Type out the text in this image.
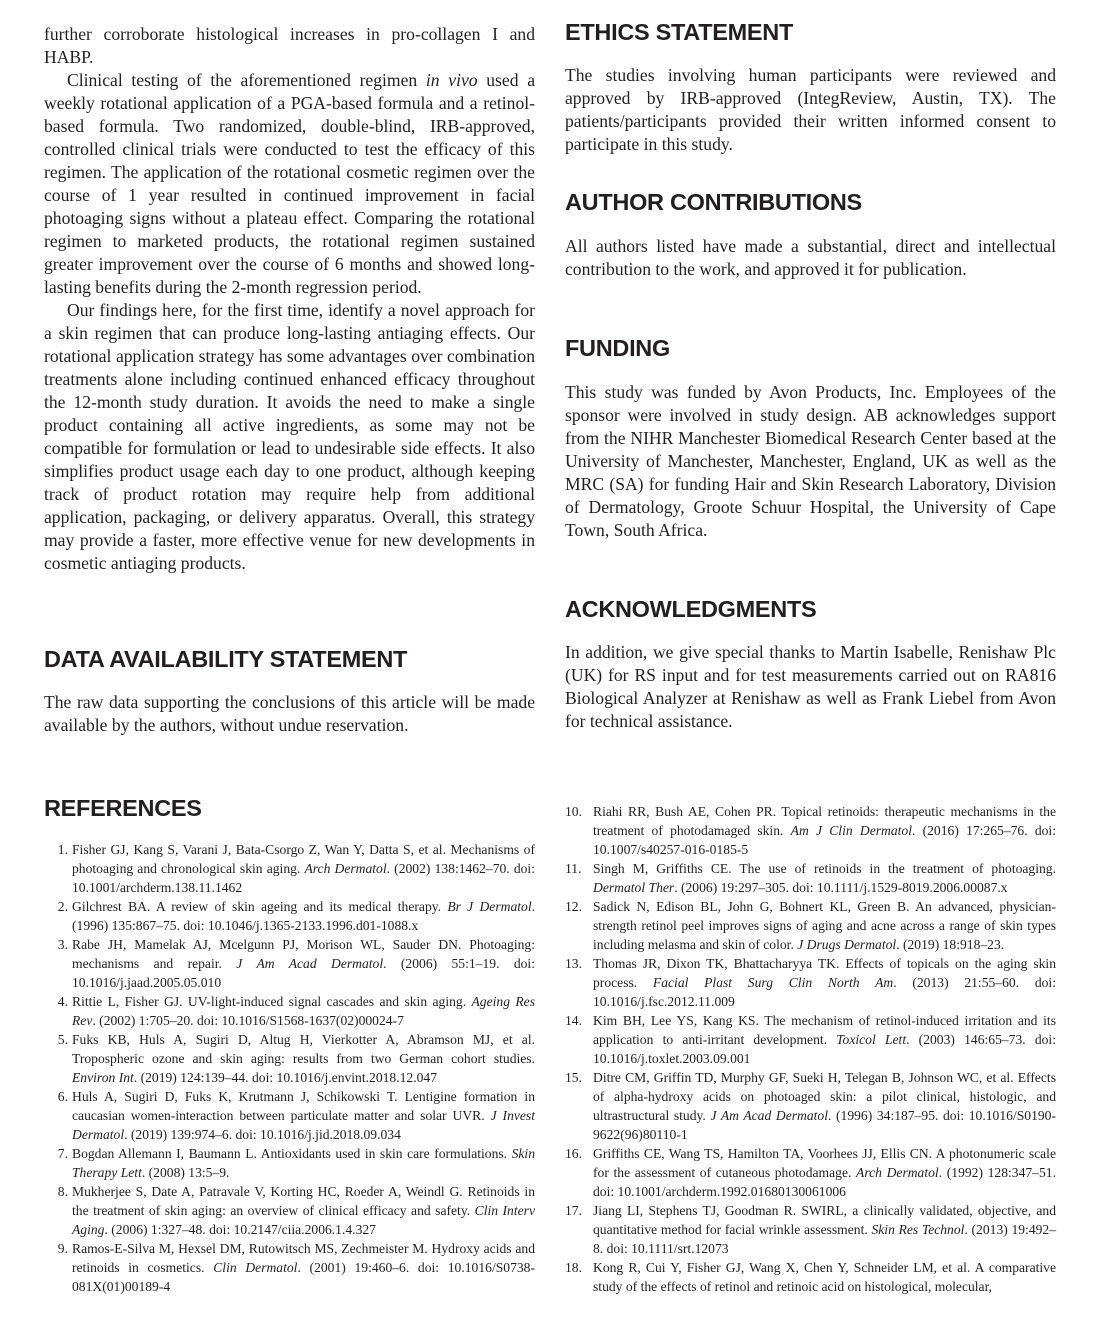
further corroborate histological increases in pro-collagen I and HABP.

Clinical testing of the aforementioned regimen in vivo used a weekly rotational application of a PGA-based formula and a retinol-based formula. Two randomized, double-blind, IRB-approved, controlled clinical trials were conducted to test the efficacy of this regimen. The application of the rotational cosmetic regimen over the course of 1 year resulted in continued improvement in facial photoaging signs without a plateau effect. Comparing the rotational regimen to marketed products, the rotational regimen sustained greater improvement over the course of 6 months and showed long-lasting benefits during the 2-month regression period.

Our findings here, for the first time, identify a novel approach for a skin regimen that can produce long-lasting antiaging effects. Our rotational application strategy has some advantages over combination treatments alone including continued enhanced efficacy throughout the 12-month study duration. It avoids the need to make a single product containing all active ingredients, as some may not be compatible for formulation or lead to undesirable side effects. It also simplifies product usage each day to one product, although keeping track of product rotation may require help from additional application, packaging, or delivery apparatus. Overall, this strategy may provide a faster, more effective venue for new developments in cosmetic antiaging products.

DATA AVAILABILITY STATEMENT

The raw data supporting the conclusions of this article will be made available by the authors, without undue reservation.

ETHICS STATEMENT

The studies involving human participants were reviewed and approved by IRB-approved (IntegReview, Austin, TX). The patients/participants provided their written informed consent to participate in this study.

AUTHOR CONTRIBUTIONS

All authors listed have made a substantial, direct and intellectual contribution to the work, and approved it for publication.

FUNDING

This study was funded by Avon Products, Inc. Employees of the sponsor were involved in study design. AB acknowledges support from the NIHR Manchester Biomedical Research Center based at the University of Manchester, Manchester, England, UK as well as the MRC (SA) for funding Hair and Skin Research Laboratory, Division of Dermatology, Groote Schuur Hospital, the University of Cape Town, South Africa.

ACKNOWLEDGMENTS

In addition, we give special thanks to Martin Isabelle, Renishaw Plc (UK) for RS input and for test measurements carried out on RA816 Biological Analyzer at Renishaw as well as Frank Liebel from Avon for technical assistance.

REFERENCES
1. Fisher GJ, Kang S, Varani J, Bata-Csorgo Z, Wan Y, Datta S, et al. Mechanisms of photoaging and chronological skin aging. Arch Dermatol. (2002) 138:1462–70. doi: 10.1001/archderm.138.11.1462
2. Gilchrest BA. A review of skin ageing and its medical therapy. Br J Dermatol. (1996) 135:867–75. doi: 10.1046/j.1365-2133.1996.d01-1088.x
3. Rabe JH, Mamelak AJ, Mcelgunn PJ, Morison WL, Sauder DN. Photoaging: mechanisms and repair. J Am Acad Dermatol. (2006) 55:1–19. doi: 10.1016/j.jaad.2005.05.010
4. Rittie L, Fisher GJ. UV-light-induced signal cascades and skin aging. Ageing Res Rev. (2002) 1:705–20. doi: 10.1016/S1568-1637(02)00024-7
5. Fuks KB, Huls A, Sugiri D, Altug H, Vierkotter A, Abramson MJ, et al. Tropospheric ozone and skin aging: results from two German cohort studies. Environ Int. (2019) 124:139–44. doi: 10.1016/j.envint.2018.12.047
6. Huls A, Sugiri D, Fuks K, Krutmann J, Schikowski T. Lentigine formation in caucasian women-interaction between particulate matter and solar UVR. J Invest Dermatol. (2019) 139:974–6. doi: 10.1016/j.jid.2018.09.034
7. Bogdan Allemann I, Baumann L. Antioxidants used in skin care formulations. Skin Therapy Lett. (2008) 13:5–9.
8. Mukherjee S, Date A, Patravale V, Korting HC, Roeder A, Weindl G. Retinoids in the treatment of skin aging: an overview of clinical efficacy and safety. Clin Interv Aging. (2006) 1:327–48. doi: 10.2147/ciia.2006.1.4.327
9. Ramos-E-Silva M, Hexsel DM, Rutowitsch MS, Zechmeister M. Hydroxy acids and retinoids in cosmetics. Clin Dermatol. (2001) 19:460–6. doi: 10.1016/S0738-081X(01)00189-4
10. Riahi RR, Bush AE, Cohen PR. Topical retinoids: therapeutic mechanisms in the treatment of photodamaged skin. Am J Clin Dermatol. (2016) 17:265–76. doi: 10.1007/s40257-016-0185-5
11. Singh M, Griffiths CE. The use of retinoids in the treatment of photoaging. Dermatol Ther. (2006) 19:297–305. doi: 10.1111/j.1529-8019.2006.00087.x
12. Sadick N, Edison BL, John G, Bohnert KL, Green B. An advanced, physician-strength retinol peel improves signs of aging and acne across a range of skin types including melasma and skin of color. J Drugs Dermatol. (2019) 18:918–23.
13. Thomas JR, Dixon TK, Bhattacharyya TK. Effects of topicals on the aging skin process. Facial Plast Surg Clin North Am. (2013) 21:55–60. doi: 10.1016/j.fsc.2012.11.009
14. Kim BH, Lee YS, Kang KS. The mechanism of retinol-induced irritation and its application to anti-irritant development. Toxicol Lett. (2003) 146:65–73. doi: 10.1016/j.toxlet.2003.09.001
15. Ditre CM, Griffin TD, Murphy GF, Sueki H, Telegan B, Johnson WC, et al. Effects of alpha-hydroxy acids on photoaged skin: a pilot clinical, histologic, and ultrastructural study. J Am Acad Dermatol. (1996) 34:187–95. doi: 10.1016/S0190-9622(96)80110-1
16. Griffiths CE, Wang TS, Hamilton TA, Voorhees JJ, Ellis CN. A photonumeric scale for the assessment of cutaneous photodamage. Arch Dermatol. (1992) 128:347–51. doi: 10.1001/archderm.1992.01680130061006
17. Jiang LI, Stephens TJ, Goodman R. SWIRL, a clinically validated, objective, and quantitative method for facial wrinkle assessment. Skin Res Technol. (2013) 19:492–8. doi: 10.1111/srt.12073
18. Kong R, Cui Y, Fisher GJ, Wang X, Chen Y, Schneider LM, et al. A comparative study of the effects of retinol and retinoic acid on histological, molecular,
